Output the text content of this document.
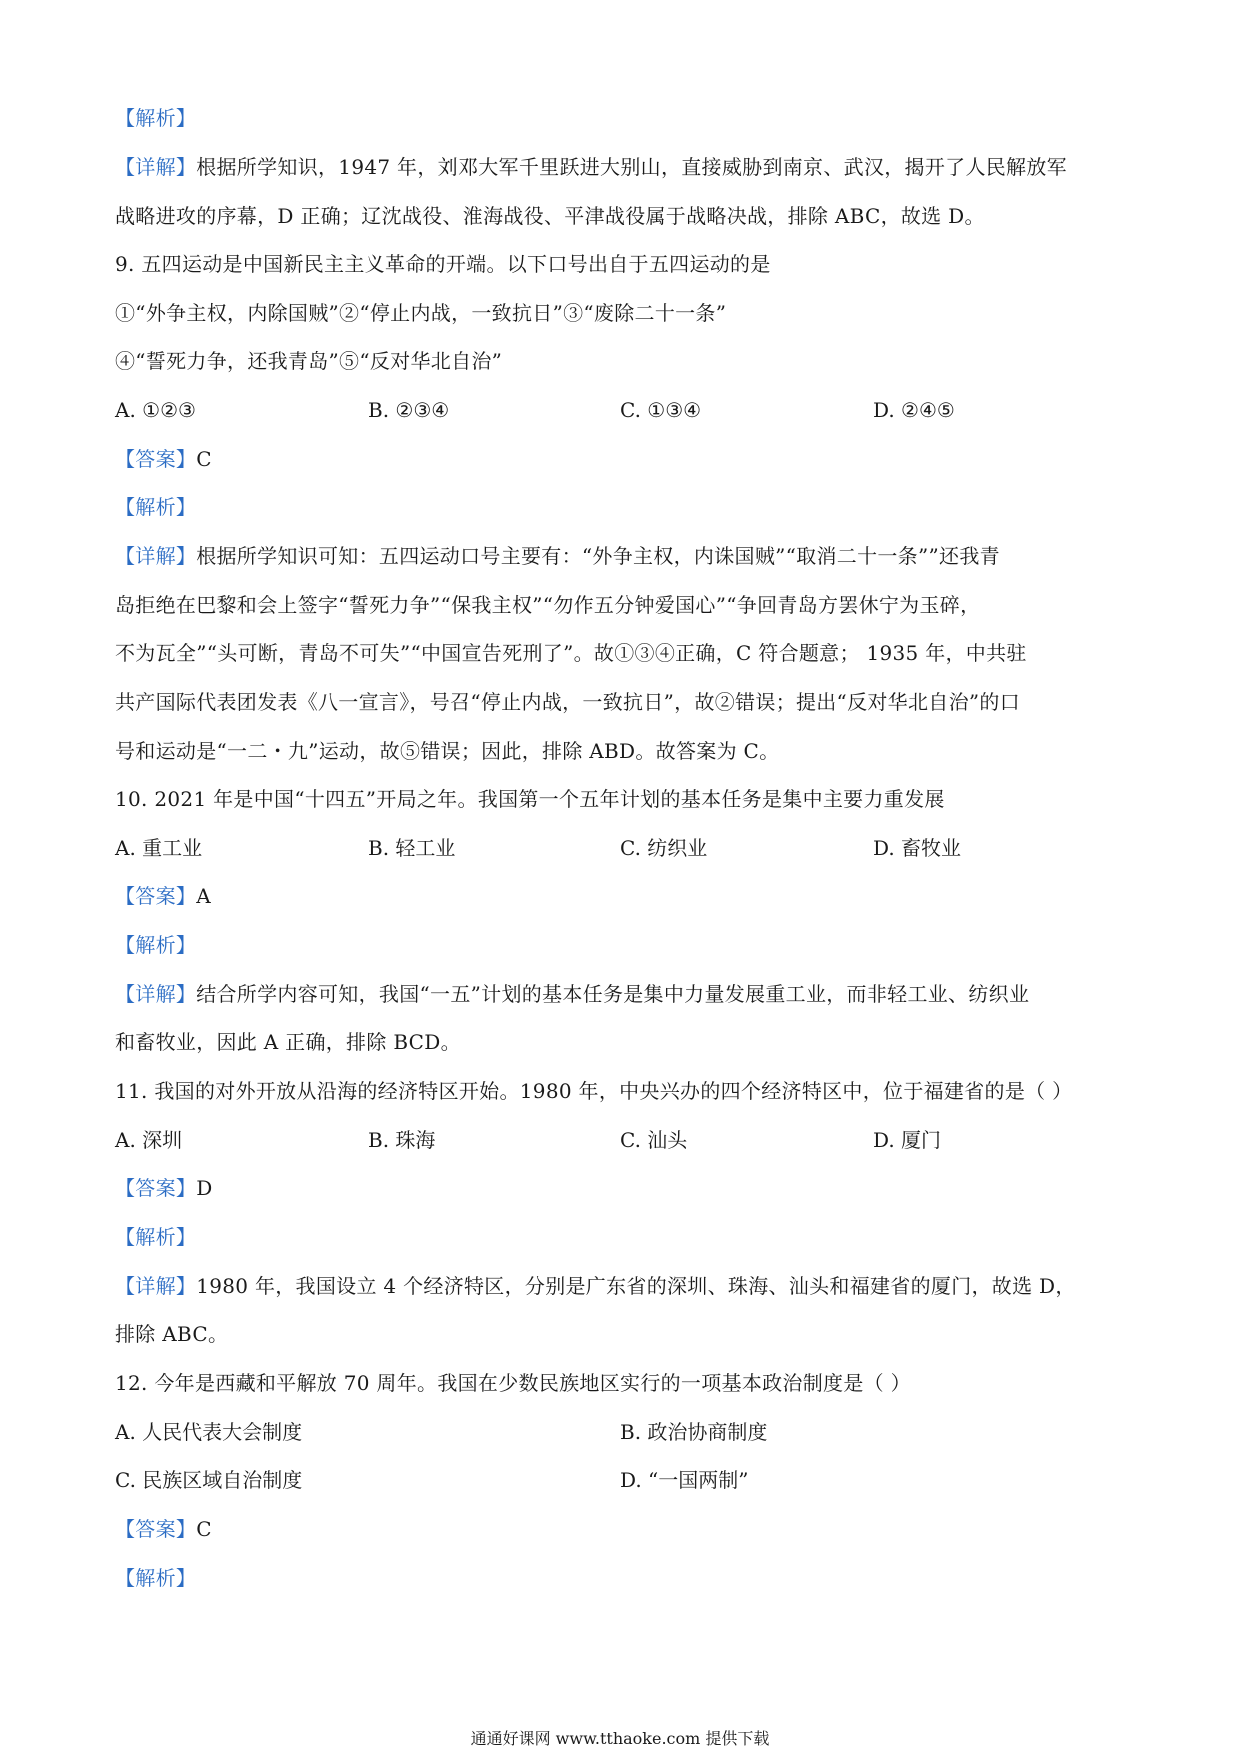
【解析】
【详解】根据所学知识，1947 年，刘邓大军千里跃进大别山，直接威胁到南京、武汉，揭开了人民解放军
战略进攻的序幕，D 正确；辽沈战役、淮海战役、平津战役属于战略决战，排除 ABC，故选 D。
9. 五四运动是中国新民主主义革命的开端。以下口号出自于五四运动的是
①“外争主权，内除国贼”②“停止内战，一致抗日”③“废除二十一条”
④“誓死力争，还我青岛”⑤“反对华北自治”
A. ①②③	B. ②③④	C. ①③④	D. ②④⑤
【答案】C
【解析】
【详解】根据所学知识可知：五四运动口号主要有：“外争主权，内诛国贼”“取消二十一条””还我青
岛拒绝在巴黎和会上签字“誓死力争”“保我主权”“勿作五分钟爱国心”“争回青岛方罢休宁为玉碎，
不为瓦全”“头可断，青岛不可失”“中国宣告死刑了”。故①③④正确，C 符合题意； 1935 年，中共驻
共产国际代表团发表《八一宣言》，号召“停止内战，一致抗日”，故②错误；提出“反对华北自治”的口
号和运动是“一二・九”运动，故⑤错误；因此，排除 ABD。故答案为 C。
10. 2021 年是中国“十四五”开局之年。我国第一个五年计划的基本任务是集中主要力重发展
A. 重工业	B. 轻工业	C. 纺织业	D. 畜牧业
【答案】A
【解析】
【详解】结合所学内容可知，我国“一五”计划的基本任务是集中力量发展重工业，而非轻工业、纺织业
和畜牧业，因此 A 正确，排除 BCD。
11. 我国的对外开放从沿海的经济特区开始。1980 年，中央兴办的四个经济特区中，位于福建省的是（ ）
A. 深圳	B. 珠海	C. 汕头	D. 厦门
【答案】D
【解析】
【详解】1980 年，我国设立 4 个经济特区，分别是广东省的深圳、珠海、汕头和福建省的厦门，故选 D，
排除 ABC。
12. 今年是西藏和平解放 70 周年。我国在少数民族地区实行的一项基本政治制度是（ ）
A. 人民代表大会制度	B. 政治协商制度
C. 民族区域自治制度	D. “一国两制”
【答案】C
【解析】
通通好课网 www.tthaoke.com 提供下载
